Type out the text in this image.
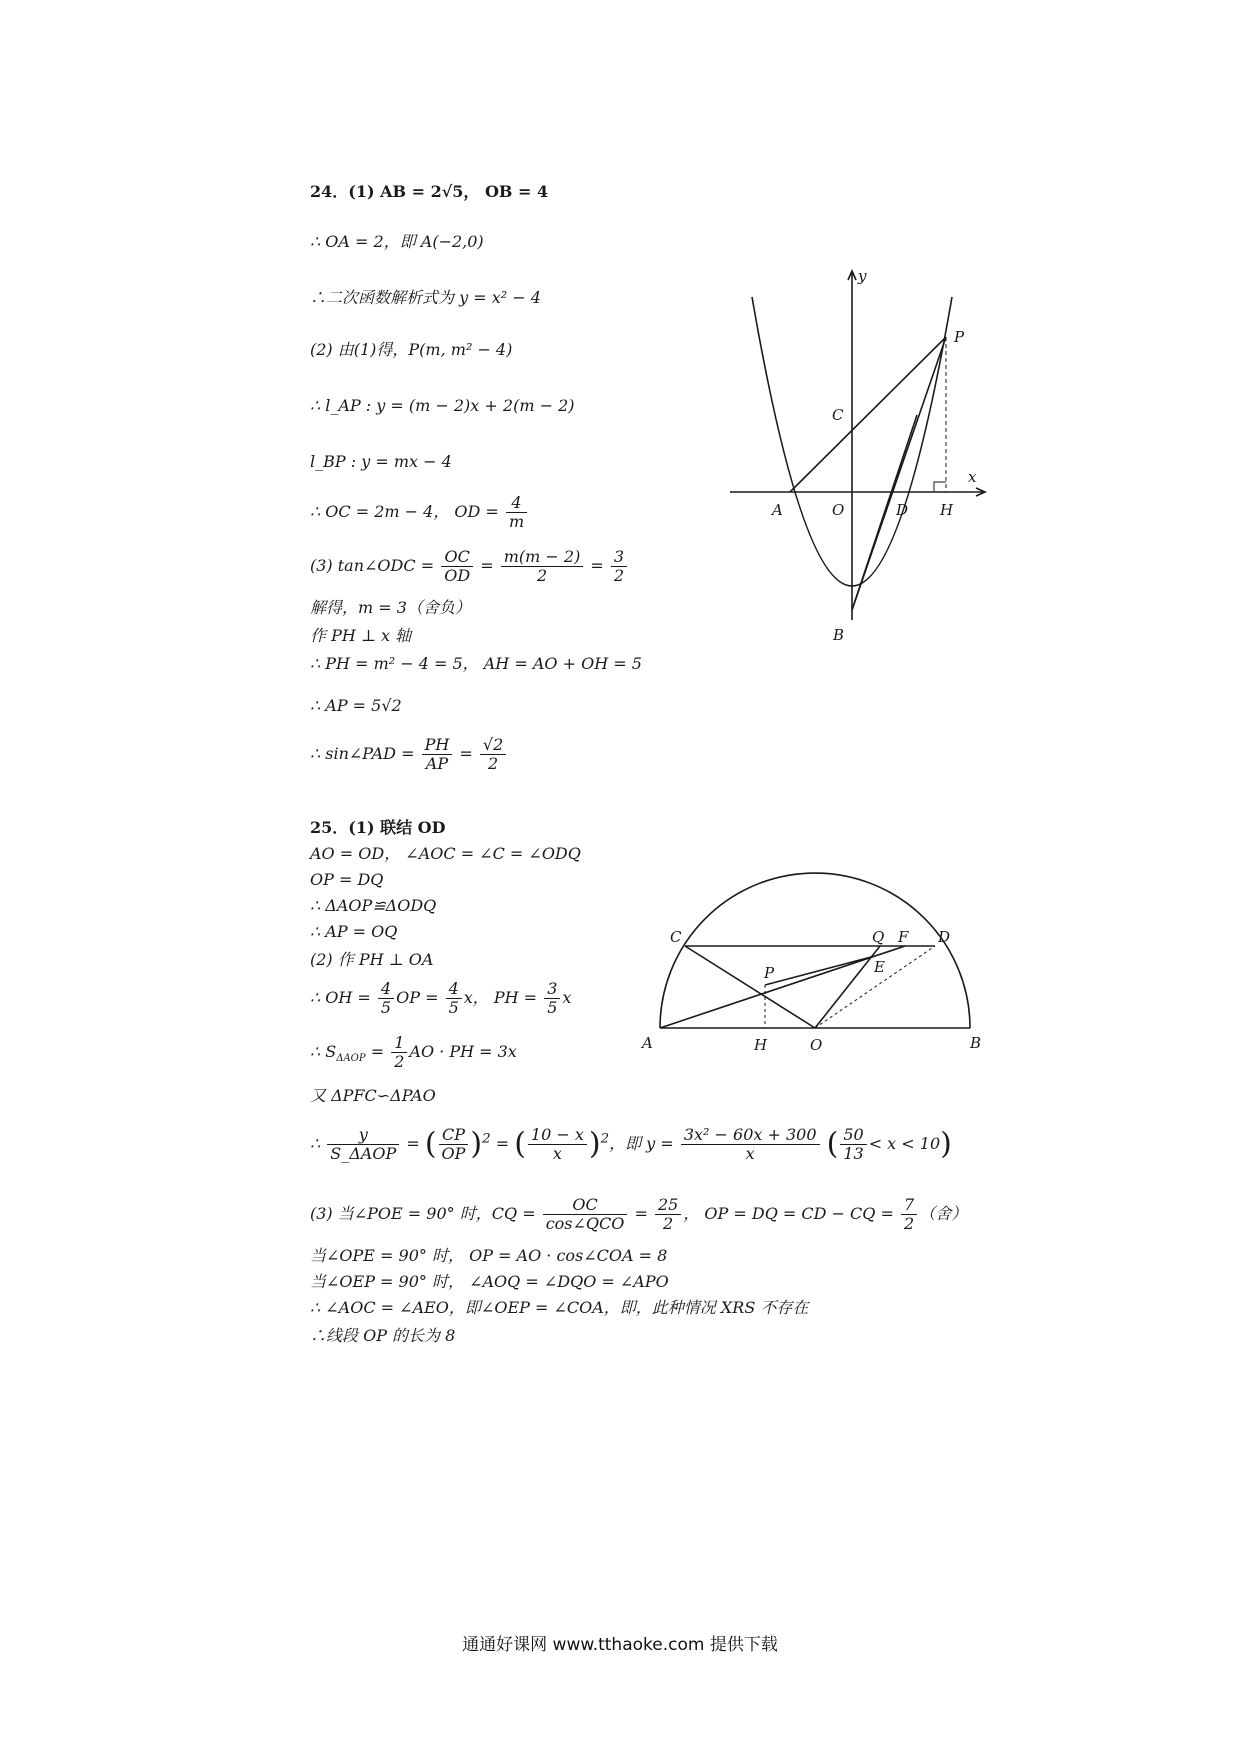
24．(1) AB = 2√5， OB = 4
∴ OA = 2，即 A(−2,0)
∴二次函数解析式为 y = x² − 4
(2) 由(1)得，P(m, m² − 4)
∴ l_AP : y = (m − 2)x + 2(m − 2)
l_BP : y = mx − 4
∴ OC = 2m − 4， OD = $\frac{4}{m}$
(3) tan∠ODC = $\frac{OC}{OD} = \frac{m(m - 2)}{2} = \frac{3}{2}$
解得，m = 3（舍负）
作 PH ⊥ x 轴
∴ PH = m² − 4 = 5， AH = AO + OH = 5
∴ AP = 5√2
∴ sin∠PAD = $\frac{PH}{AP} = \frac{√2}{2}$
y
x
P
C
A	O	D H
B
25．(1) 联结 OD
AO = OD， ∠AOC = ∠C = ∠ODQ
OP = DQ
∴ ΔAOP≌ΔODQ
∴ AP = OQ
(2) 作 PH ⊥ OA
∴ OH = $\frac{4}{5}$ OP = $\frac{4}{5}$ x， PH = $\frac{3}{5}$ x
∴ $S_{\Delta AOP} = \frac{1}{2}$ AO · PH = 3x
又 ΔPFC∽ΔPAO
∴ $\frac{y}{\text{S\_ΔAOP}}$ = ( $\frac{CP}{OP} )^2$ = ( $\frac{10 - x}{x} )^2$，即 $y = \frac{\text{3x² − 60x + 300}}{x}$ ( $\frac{50}{13} < x < 10$)
(3) 当∠POE = 90° 时，CQ = $\frac{OC}{\text{cos∠QCO}} = \frac{25}{2}$ ， OP = DQ = CD − CQ = $\frac{7}{2}$ （舍）
当∠OPE = 90° 时， OP = AO · cos∠COA = 8
当∠OEP = 90° 时， ∠AOQ = ∠DQO = ∠APO
∴ ∠AOC = ∠AEO，即∠OEP = ∠COA，即，此种情况 XRS 不存在
∴线段 OP 的长为 8
C	Q F D
E
P
A	H	O	B
通通好课网 www.tthaoke.com 提供下载
